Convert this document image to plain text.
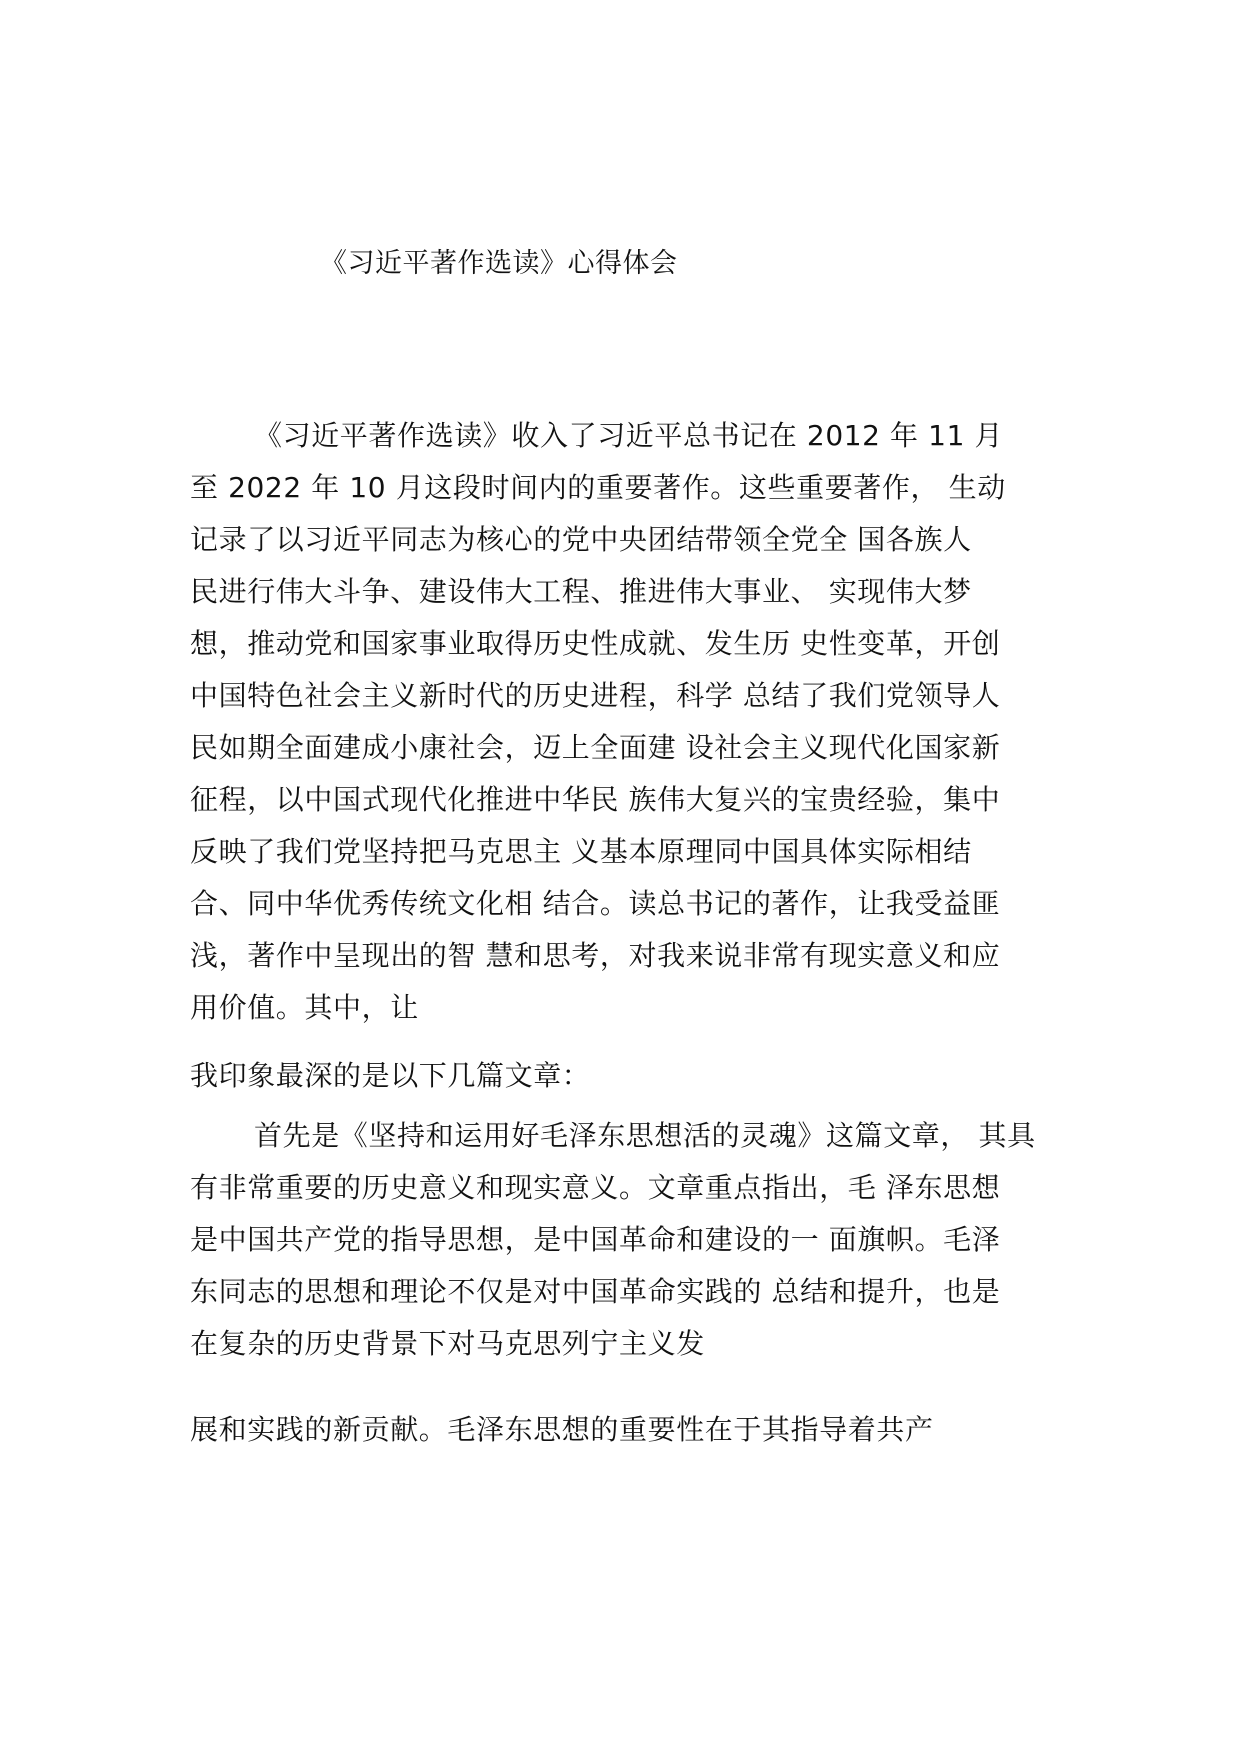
《习近平著作选读》心得体会
《习近平著作选读》收入了习近平总书记在 2012 年 11 月
至 2022 年 10 月这段时间内的重要著作。这些重要著作， 生动
记录了以习近平同志为核心的党中央团结带领全党全 国各族人
民进行伟大斗争、建设伟大工程、推进伟大事业、 实现伟大梦
想，推动党和国家事业取得历史性成就、发生历 史性变革，开创
中国特色社会主义新时代的历史进程，科学 总结了我们党领导人
民如期全面建成小康社会，迈上全面建 设社会主义现代化国家新
征程，以中国式现代化推进中华民 族伟大复兴的宝贵经验，集中
反映了我们党坚持把马克思主 义基本原理同中国具体实际相结
合、同中华优秀传统文化相 结合。读总书记的著作，让我受益匪
浅，著作中呈现出的智 慧和思考，对我来说非常有现实意义和应
用价值。其中，让
我印象最深的是以下几篇文章：
首先是《坚持和运用好毛泽东思想活的灵魂》这篇文章， 其具
有非常重要的历史意义和现实意义。文章重点指出，毛 泽东思想
是中国共产党的指导思想，是中国革命和建设的一 面旗帜。毛泽
东同志的思想和理论不仅是对中国革命实践的 总结和提升，也是
在复杂的历史背景下对马克思列宁主义发
展和实践的新贡献。毛泽东思想的重要性在于其指导着共产
